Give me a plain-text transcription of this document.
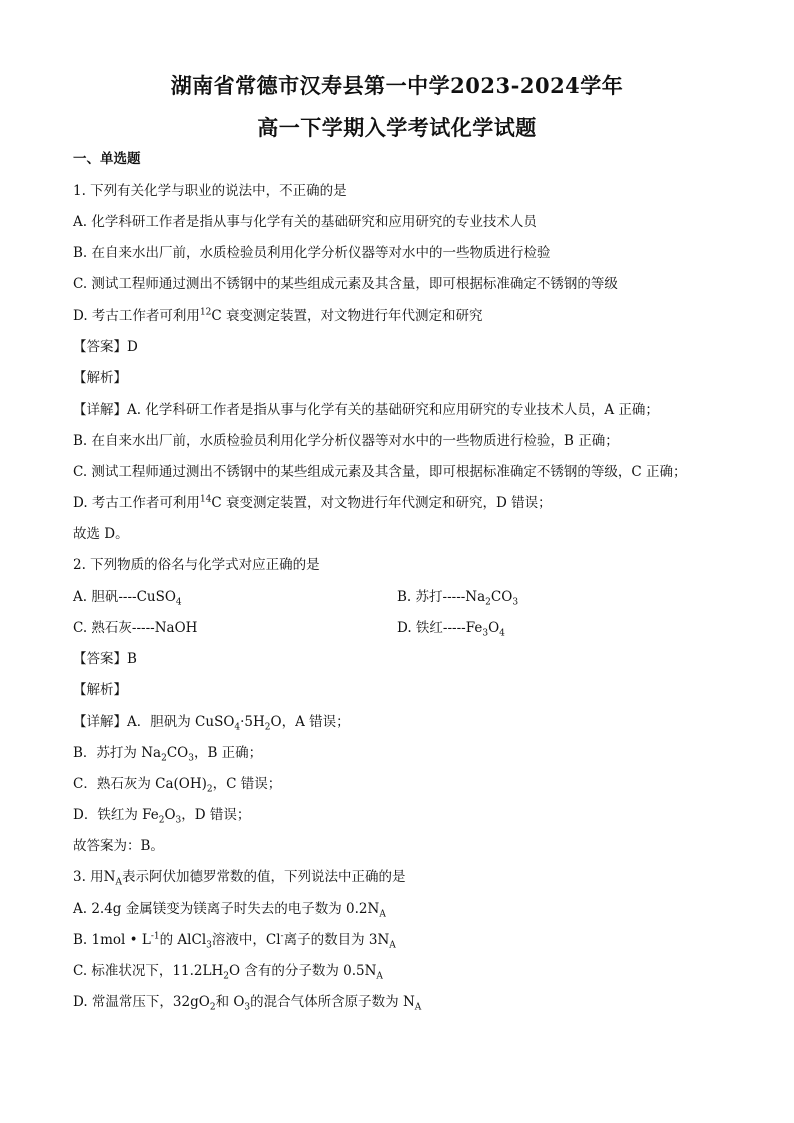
湖南省常德市汉寿县第一中学2023-2024学年
高一下学期入学考试化学试题
一、单选题
1. 下列有关化学与职业的说法中，不正确的是
A. 化学科研工作者是指从事与化学有关的基础研究和应用研究的专业技术人员
B. 在自来水出厂前，水质检验员利用化学分析仪器等对水中的一些物质进行检验
C. 测试工程师通过测出不锈钢中的某些组成元素及其含量，即可根据标准确定不锈钢的等级
D. 考古工作者可利用$^{12}$C 衰变测定装置，对文物进行年代测定和研究
【答案】D
【解析】
【详解】A. 化学科研工作者是指从事与化学有关的基础研究和应用研究的专业技术人员，A 正确；
B. 在自来水出厂前，水质检验员利用化学分析仪器等对水中的一些物质进行检验，B 正确；
C. 测试工程师通过测出不锈钢中的某些组成元素及其含量，即可根据标准确定不锈钢的等级，C 正确；
D. 考古工作者可利用$^{14}$C 衰变测定装置，对文物进行年代测定和研究，D 错误；
故选 D。
2. 下列物质的俗名与化学式对应正确的是
A. 胆矾----CuSO$_4$	B. 苏打$-----Na_2CO_3$
C. 熟石灰-----NaOH	D. 铁红$-----Fe_3O_4$
【答案】B
【解析】
【详解】A．胆矾为 $CuSO_4\cdot 5H_2O$，A 错误；
B．苏打为 $Na_2CO_3$，B 正确；
C．熟石灰为 $Ca(OH)_2$，C 错误；
D．铁红为 $Fe_2O_3$，D 错误；
故答案为：B。
3. 用$N_A$表示阿伏加德罗常数的值，下列说法中正确的是
A. 2.4g 金属镁变为镁离子时失去的电子数为 $0.2N_A$
B. 1mol • $L^{-1}$的 AlCl$_3$溶液中，Cl-离子的数目为 $3N_A$
C. 标准状况下，$11.2LH_2O$ 含有的分子数为 $0.5N_A$
D. 常温常压下，$32gO_2$和 $O_3$的混合气体所含原子数为 $N_A$
